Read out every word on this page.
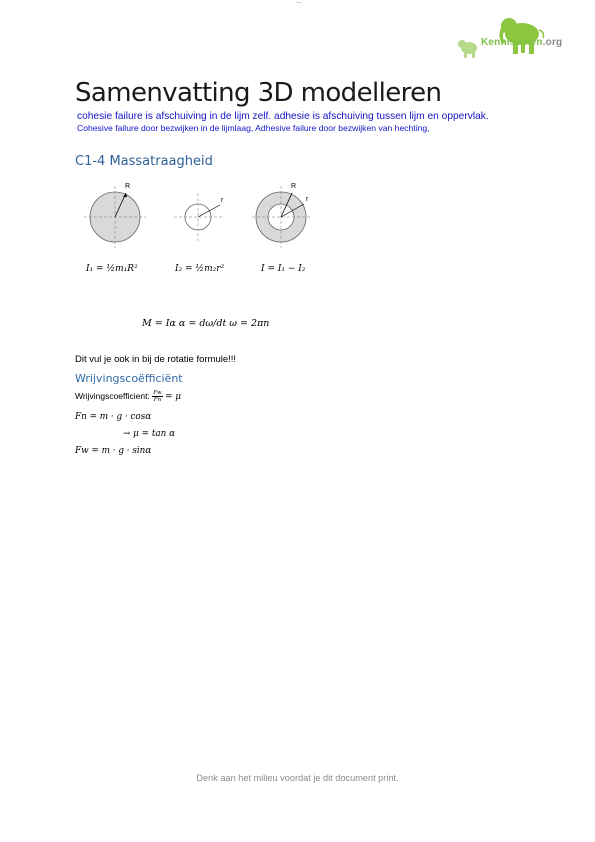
...
Kennisdelen.org
Samenvatting 3D modelleren
cohesie failure is afschuiving in de lijm zelf. adhesie is afschuiving tussen lijm en oppervlak.
Cohesive failure door bezwijken in de lijmlaag, Adhesive failure door bezwijken van hechting,
C1-4 Massatraagheid
R
r
R
r
I₁ = ½m₁R²	I₂ = ½m₂r²	I = I₁ − I₂
M = Iα α = dω/dt ω = 2πn
Dit vul je ook in bij de rotatie formule!!!
Wrijvingscoëfficiënt
Wrijvingscoefficient: $\frac{Fw}{Fn} = \mu$
Fn = m · g · cosα
→ μ = tan α
Fw = m · g · sinα
Denk aan het milieu voordat je dit document print.
